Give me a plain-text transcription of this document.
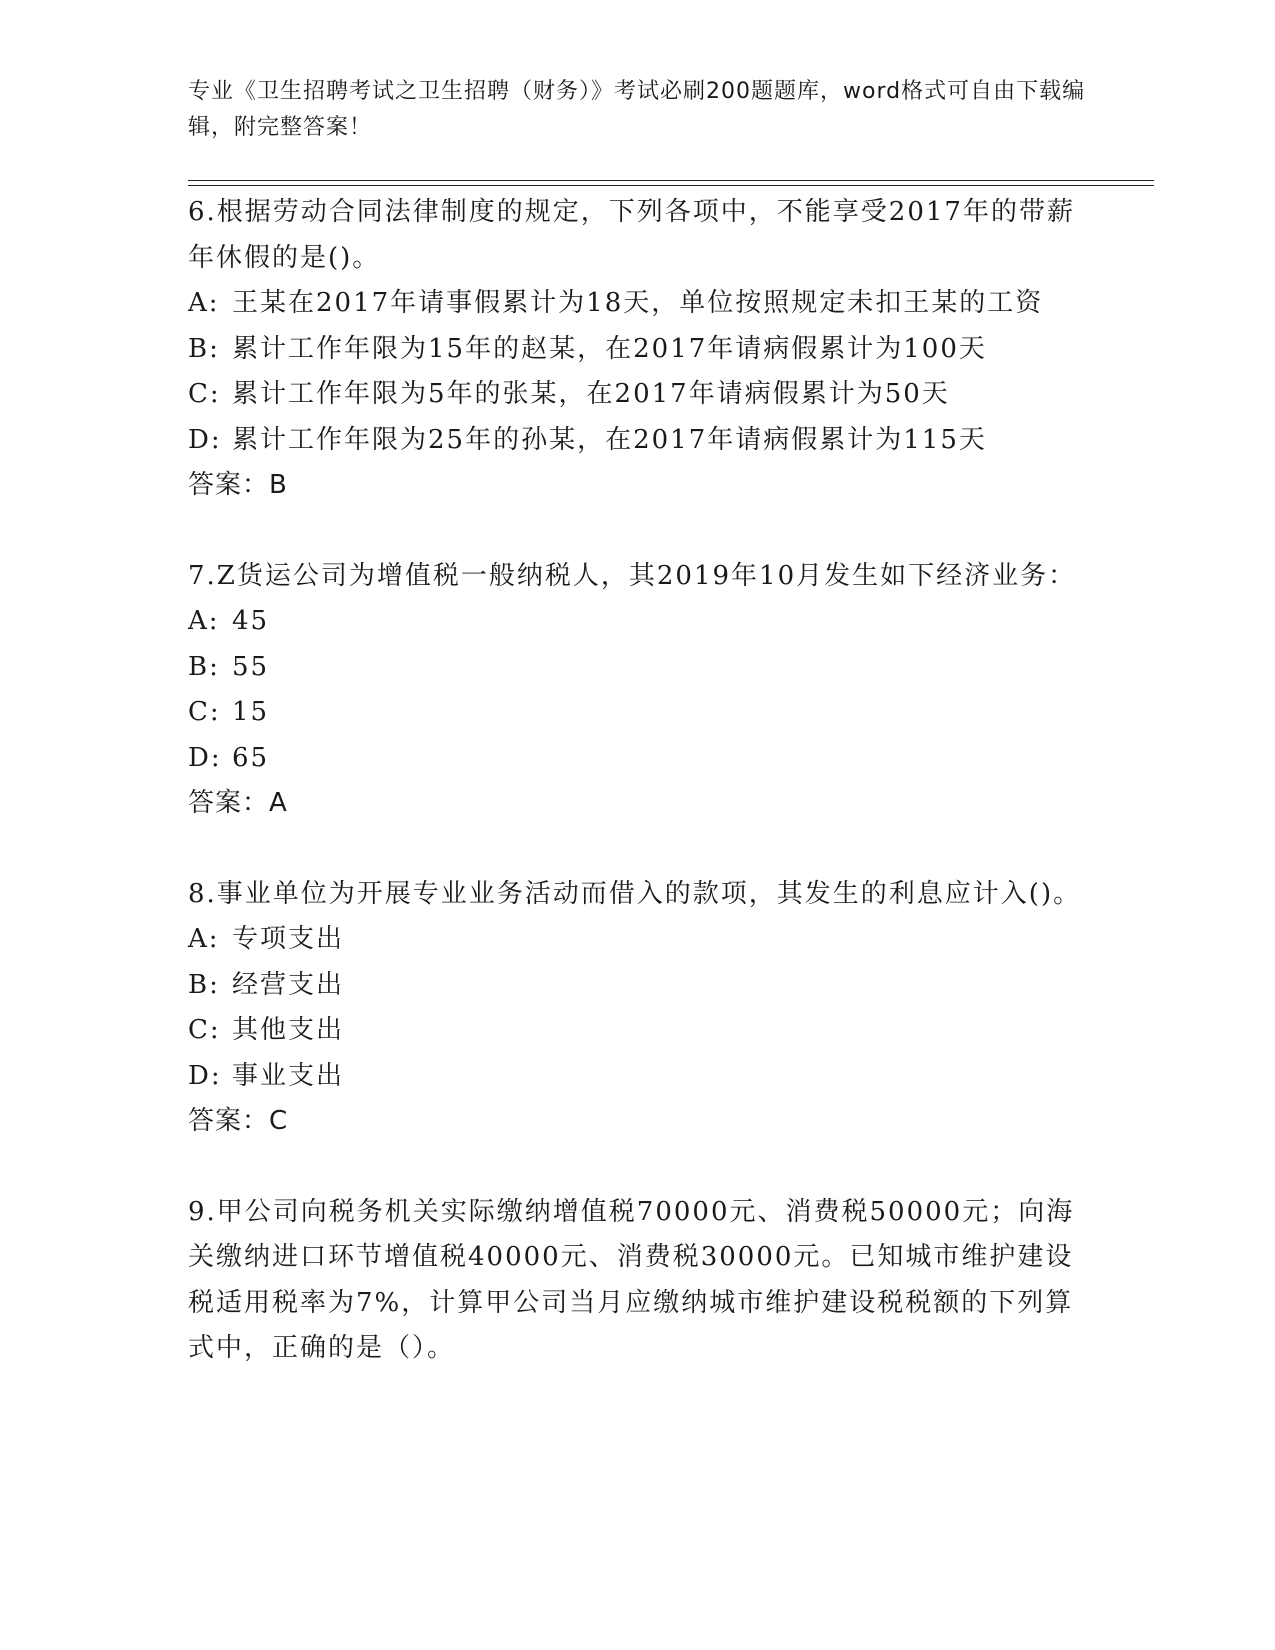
专业《卫生招聘考试之卫生招聘（财务）》考试必刷200题题库，word格式可自由下载编辑，附完整答案！
6.根据劳动合同法律制度的规定，下列各项中，不能享受2017年的带薪年休假的是()。
A: 王某在2017年请事假累计为18天，单位按照规定未扣王某的工资
B: 累计工作年限为15年的赵某，在2017年请病假累计为100天
C: 累计工作年限为5年的张某，在2017年请病假累计为50天
D: 累计工作年限为25年的孙某，在2017年请病假累计为115天
答案：B
7.Z货运公司为增值税一般纳税人，其2019年10月发生如下经济业务：
A: 45
B: 55
C: 15
D: 65
答案：A
8.事业单位为开展专业业务活动而借入的款项，其发生的利息应计入()。
A: 专项支出
B: 经营支出
C: 其他支出
D: 事业支出
答案：C
9.甲公司向税务机关实际缴纳增值税70000元、消费税50000元；向海关缴纳进口环节增值税40000元、消费税30000元。已知城市维护建设税适用税率为7%，计算甲公司当月应缴纳城市维护建设税税额的下列算式中，正确的是（）。
